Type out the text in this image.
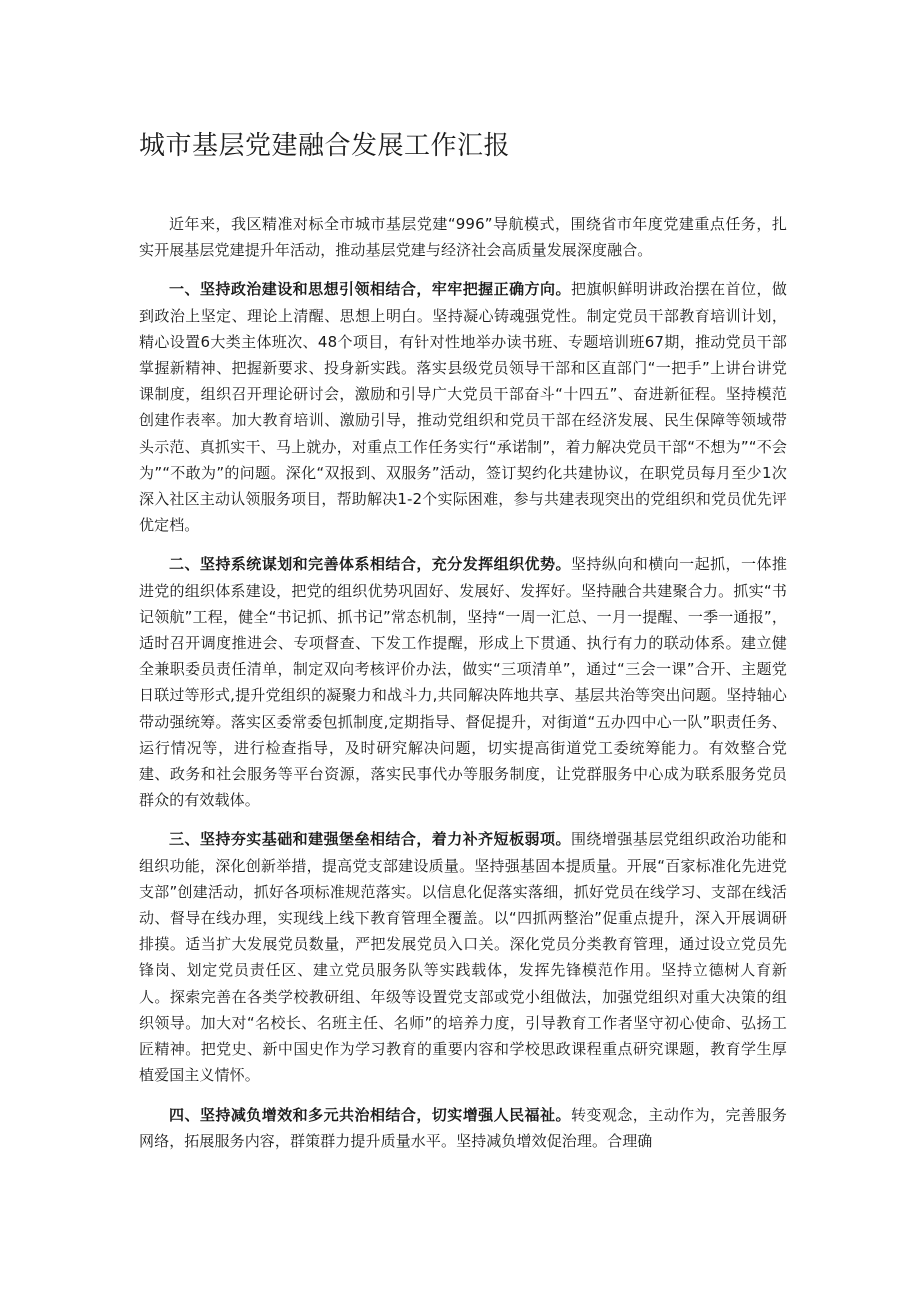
城市基层党建融合发展工作汇报

近年来，我区精准对标全市城市基层党建“996”导航模式，围绕省市年度党建重点任务，扎实开展基层党建提升年活动，推动基层党建与经济社会高质量发展深度融合。

一、坚持政治建设和思想引领相结合，牢牢把握正确方向。把旗帜鲜明讲政治摆在首位，做到政治上坚定、理论上清醒、思想上明白。坚持凝心铸魂强党性。制定党员干部教育培训计划，精心设置6大类主体班次、48个项目，有针对性地举办读书班、专题培训班67期，推动党员干部掌握新精神、把握新要求、投身新实践。落实县级党员领导干部和区直部门“一把手”上讲台讲党课制度，组织召开理论研讨会，激励和引导广大党员干部奋斗“十四五”、奋进新征程。坚持模范创建作表率。加大教育培训、激励引导，推动党组织和党员干部在经济发展、民生保障等领域带头示范、真抓实干、马上就办，对重点工作任务实行“承诺制”，着力解决党员干部“不想为”“不会为”“不敢为”的问题。深化“双报到、双服务”活动，签订契约化共建协议，在职党员每月至少1次深入社区主动认领服务项目，帮助解决1-2个实际困难，参与共建表现突出的党组织和党员优先评优定档。

二、坚持系统谋划和完善体系相结合，充分发挥组织优势。坚持纵向和横向一起抓，一体推进党的组织体系建设，把党的组织优势巩固好、发展好、发挥好。坚持融合共建聚合力。抓实“书记领航”工程，健全“书记抓、抓书记”常态机制，坚持“一周一汇总、一月一提醒、一季一通报”，适时召开调度推进会、专项督查、下发工作提醒，形成上下贯通、执行有力的联动体系。建立健全兼职委员责任清单，制定双向考核评价办法，做实“三项清单”，通过“三会一课”合开、主题党日联过等形式,提升党组织的凝聚力和战斗力,共同解决阵地共享、基层共治等突出问题。坚持轴心带动强统筹。落实区委常委包抓制度,定期指导、督促提升，对街道“五办四中心一队”职责任务、运行情况等，进行检查指导，及时研究解决问题，切实提高街道党工委统筹能力。有效整合党建、政务和社会服务等平台资源，落实民事代办等服务制度，让党群服务中心成为联系服务党员群众的有效载体。

三、坚持夯实基础和建强堡垒相结合，着力补齐短板弱项。围绕增强基层党组织政治功能和组织功能，深化创新举措，提高党支部建设质量。坚持强基固本提质量。开展“百家标准化先进党支部”创建活动，抓好各项标准规范落实。以信息化促落实落细，抓好党员在线学习、支部在线活动、督导在线办理，实现线上线下教育管理全覆盖。以“四抓两整治”促重点提升，深入开展调研排摸。适当扩大发展党员数量，严把发展党员入口关。深化党员分类教育管理，通过设立党员先锋岗、划定党员责任区、建立党员服务队等实践载体，发挥先锋模范作用。坚持立德树人育新人。探索完善在各类学校教研组、年级等设置党支部或党小组做法，加强党组织对重大决策的组织领导。加大对“名校长、名班主任、名师”的培养力度，引导教育工作者坚守初心使命、弘扬工匠精神。把党史、新中国史作为学习教育的重要内容和学校思政课程重点研究课题，教育学生厚植爱国主义情怀。

四、坚持减负增效和多元共治相结合，切实增强人民福祉。转变观念，主动作为，完善服务网络，拓展服务内容，群策群力提升质量水平。坚持减负增效促治理。合理确
